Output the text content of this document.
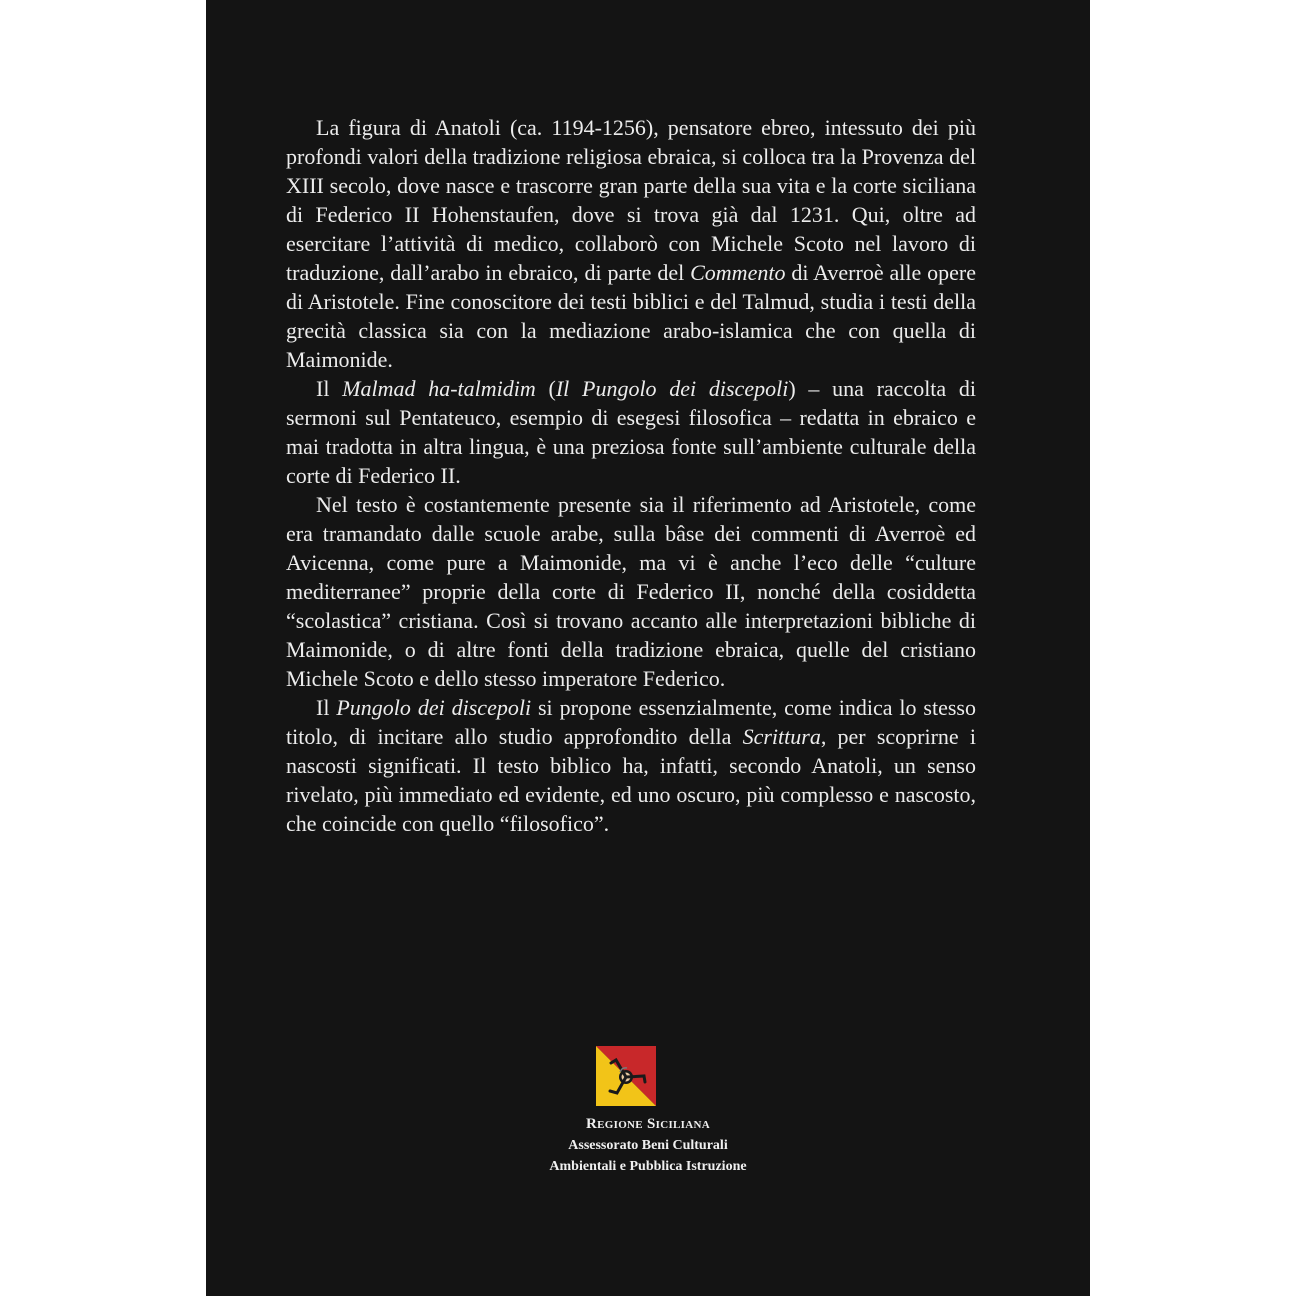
La figura di Anatoli (ca. 1194-1256), pensatore ebreo, intessuto dei più profondi valori della tradizione religiosa ebraica, si colloca tra la Provenza del XIII secolo, dove nasce e trascorre gran parte della sua vita e la corte siciliana di Federico II Hohenstaufen, dove si trova già dal 1231. Qui, oltre ad esercitare l’attività di medico, collaborò con Michele Scoto nel lavoro di traduzione, dall’arabo in ebraico, di parte del Commento di Averroè alle opere di Aristotele. Fine conoscitore dei testi biblici e del Talmud, studia i testi della grecità classica sia con la mediazione arabo-islamica che con quella di Maimonide.

Il Malmad ha-talmidim (Il Pungolo dei discepoli) – una raccolta di sermoni sul Pentateuco, esempio di esegesi filosofica – redatta in ebraico e mai tradotta in altra lingua, è una preziosa fonte sull’ambiente culturale della corte di Federico II.

Nel testo è costantemente presente sia il riferimento ad Aristotele, come era tramandato dalle scuole arabe, sulla bâse dei commenti di Averroè ed Avicenna, come pure a Maimonide, ma vi è anche l’eco delle “culture mediterranee” proprie della corte di Federico II, nonché della cosiddetta “scolastica” cristiana. Così si trovano accanto alle interpretazioni bibliche di Maimonide, o di altre fonti della tradizione ebraica, quelle del cristiano Michele Scoto e dello stesso imperatore Federico.

Il Pungolo dei discepoli si propone essenzialmente, come indica lo stesso titolo, di incitare allo studio approfondito della Scrittura, per scoprirne i nascosti significati. Il testo biblico ha, infatti, secondo Anatoli, un senso rivelato, più immediato ed evidente, ed uno oscuro, più complesso e nascosto, che coincide con quello “filosofico”.

Regione Siciliana
Assessorato Beni Culturali
Ambientali e Pubblica Istruzione
